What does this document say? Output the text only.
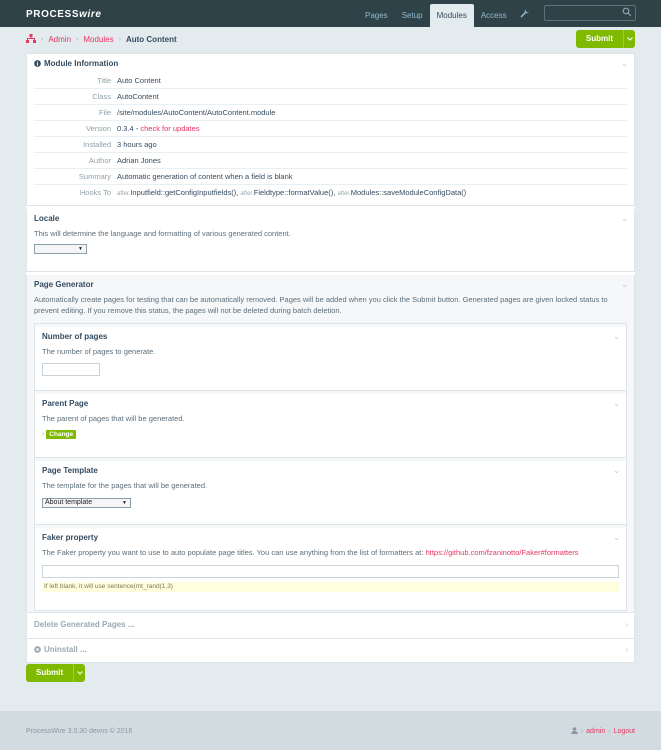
PROCESSwire	Pages	Setup	Modules	Access
› Admin › Modules › Auto Content	Submit
Module Information	⌄
Title Auto Content
Class AutoContent
File /site/modules/AutoContent/AutoContent.module
Version 0.3.4 - check for updates
Installed 3 hours ago
Author Adrian Jones
Summary Automatic generation of content when a field is blank
Hooks To	after.Inputfield::getConfigInputfields(), after.Fieldtype::formatValue(), after.Modules::saveModuleConfigData()
Locale	⌄
This will determine the language and formatting of various generated content.
▼
Page Generator	⌄
Automatically create pages for testing that can be automatically removed. Pages will be added when you click the Submit button. Generated pages are given locked status to prevent editing. If you remove this status, the pages will not be deleted during batch deletion.
Number of pages	⌄
The number of pages to generate.
Parent Page	⌄
The parent of pages that will be generated.
› Change
Page Template	⌄
The template for the pages that will be generated.
About template	▼
Faker property	⌄
The Faker property you want to use to auto populate page titles. You can use anything from the list of formatters at: https://github.com/fzaninotto/Faker#formatters
If left blank, it will use sentence(mt_rand(1,3)
Delete Generated Pages ...	›
Uninstall ...	›
Submit
ProcessWire 3.0.30 devns © 2016	› admin › Logout
